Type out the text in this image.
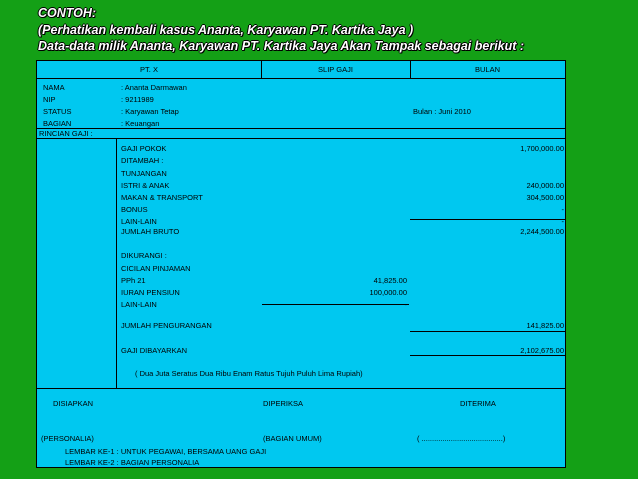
CONTOH:
(Perhatikan kembali kasus Ananta, Karyawan PT. Kartika Jaya )
Data-data milik Ananta, Karyawan PT. Kartika Jaya Akan Tampak sebagai berikut :
PT. X	SLIP GAJI	BULAN
NAMA	: Ananta Darmawan
NIP	: 9211989
STATUS	: Karyawan Tetap	Bulan : Juni 2010
BAGIAN	: Keuangan
RINCIAN GAJI :
GAJI POKOK	1,700,000.00
DITAMBAH :
TUNJANGAN
ISTRI & ANAK	240,000.00
MAKAN & TRANSPORT	304,500.00
BONUS	-
LAIN-LAIN	-
JUMLAH BRUTO	2,244,500.00
DIKURANGI :
CICILAN PINJAMAN
PPh 21	41,825.00
IURAN PENSIUN	100,000.00
LAIN-LAIN	-
JUMLAH PENGURANGAN	141,825.00
GAJI DIBAYARKAN	2,102,675.00
( Dua Juta Seratus Dua Ribu Enam Ratus Tujuh Puluh Lima Rupiah)
DISIAPKAN	DIPERIKSA	DITERIMA
(PERSONALIA)	(BAGIAN UMUM)	( .......................................)
LEMBAR KE-1 : UNTUK PEGAWAI, BERSAMA UANG GAJI
LEMBAR KE-2 : BAGIAN PERSONALIA
